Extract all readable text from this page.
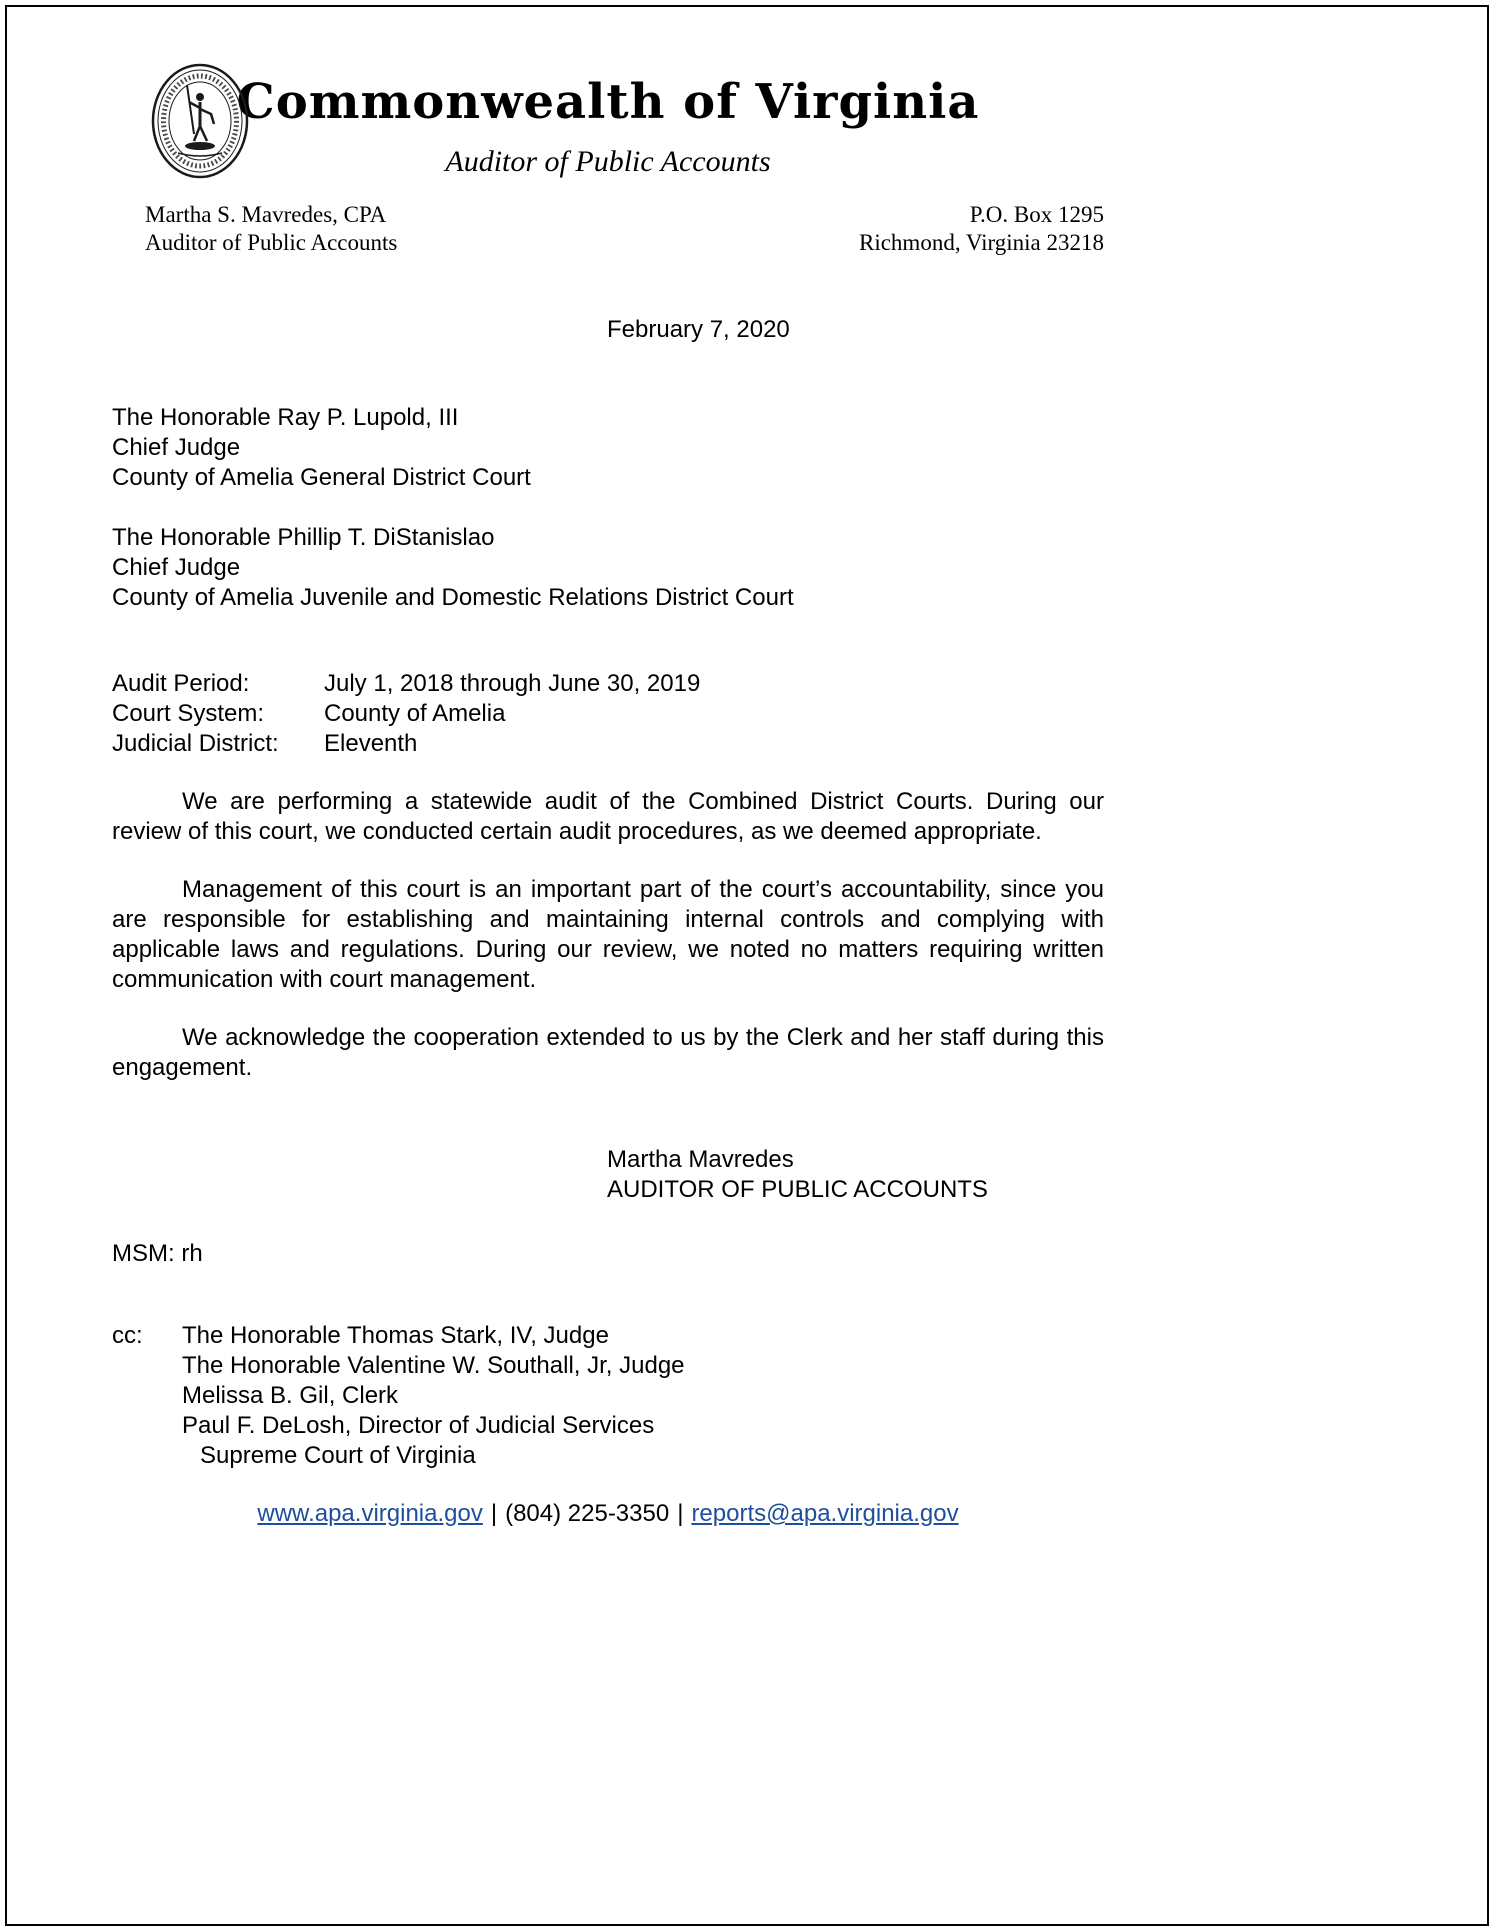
Commonwealth of Virginia
Auditor of Public Accounts
Martha S. Mavredes, CPA
Auditor of Public Accounts
P.O. Box 1295
Richmond, Virginia 23218
February 7, 2020
The Honorable Ray P. Lupold, III
Chief Judge
County of Amelia General District Court
The Honorable Phillip T. DiStanislao
Chief Judge
County of Amelia Juvenile and Domestic Relations District Court
Audit Period:	July 1, 2018 through June 30, 2019
Court System:	County of Amelia
Judicial District:	Eleventh

We are performing a statewide audit of the Combined District Courts. During our review of this court, we conducted certain audit procedures, as we deemed appropriate.

Management of this court is an important part of the court’s accountability, since you are responsible for establishing and maintaining internal controls and complying with applicable laws and regulations. During our review, we noted no matters requiring written communication with court management.

We acknowledge the cooperation extended to us by the Clerk and her staff during this engagement.

Martha Mavredes
AUDITOR OF PUBLIC ACCOUNTS
MSM: rh
cc:	The Honorable Thomas Stark, IV, Judge
The Honorable Valentine W. Southall, Jr, Judge
Melissa B. Gil, Clerk
Paul F. DeLosh, Director of Judicial Services
Supreme Court of Virginia
www.apa.virginia.gov | (804) 225-3350 | reports@apa.virginia.gov
